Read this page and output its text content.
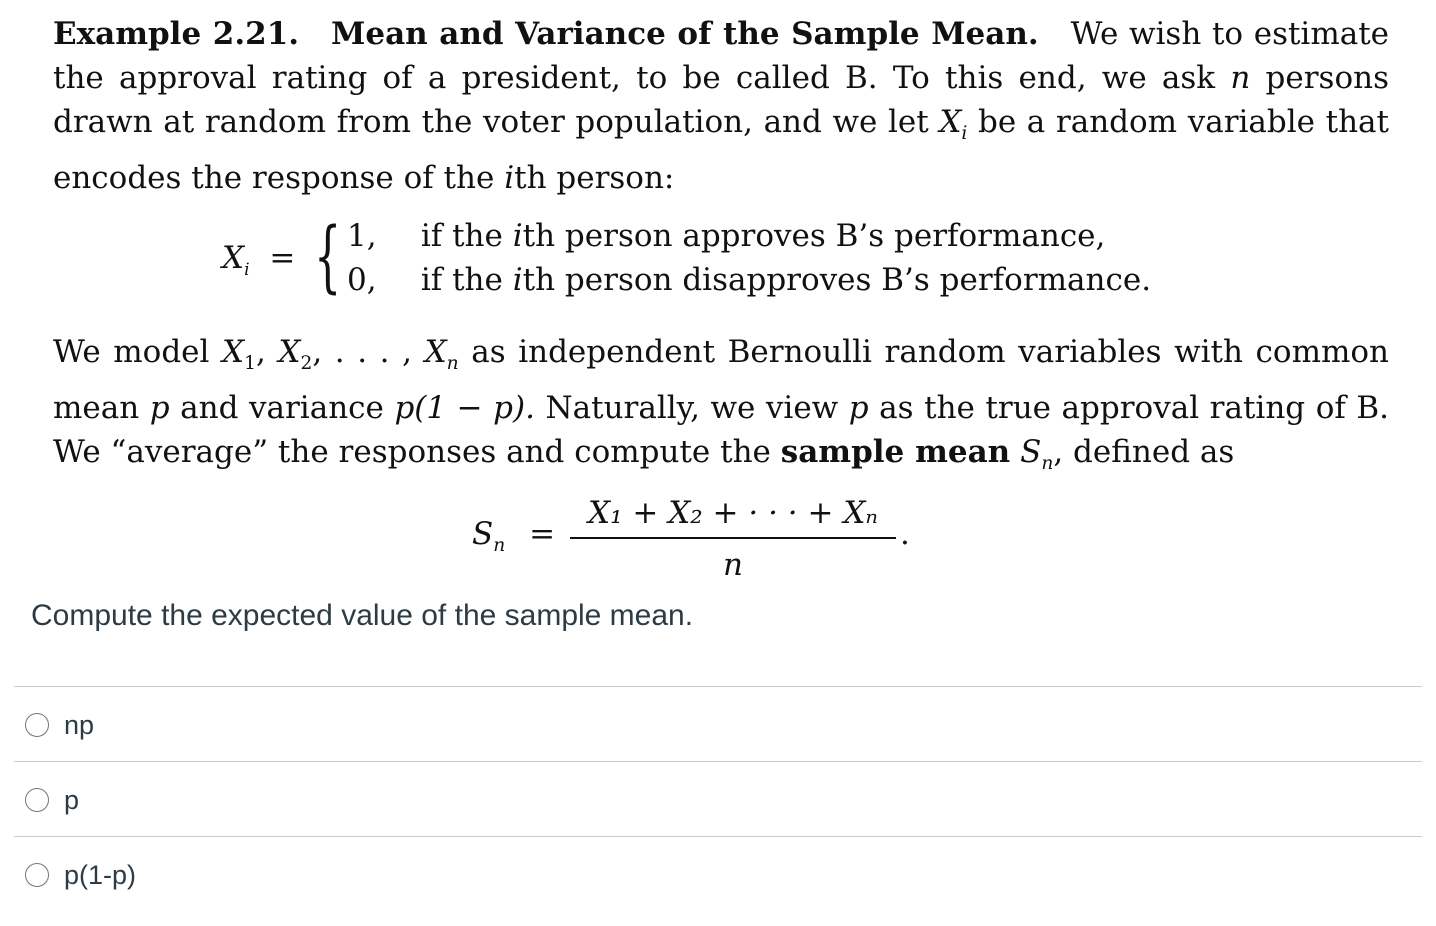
Example 2.21. Mean and Variance of the Sample Mean. We wish to estimate the approval rating of a president, to be called B. To this end, we ask n persons drawn at random from the voter population, and we let $X_i$ be a random variable that encodes the response of the ith person:

$X_i$ = { 1, if the ith person approves B’s performance,
0, if the ith person disapproves B’s performance.

We model $X_1$, $X_2$, . . . , $X_n$ as independent Bernoulli random variables with common mean p and variance p(1 − p). Naturally, we view p as the true approval rating of B. We “average” the responses and compute the sample mean $S_n$, defined as

$S_n$ =
X₁ + X₂ + · · · + Xₙ
n
.

Compute the expected value of the sample mean.

np
p
p(1-p)
